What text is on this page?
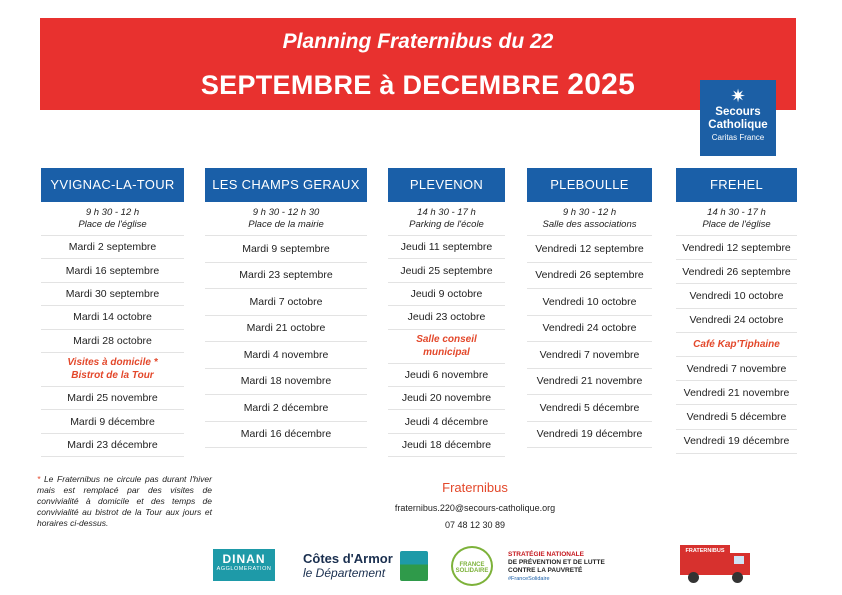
Planning Fraternibus du 22
SEPTEMBRE à DECEMBRE 2025	✷
Secours
Catholique
Caritas France
YVIGNAC-LA-TOUR
9 h 30 - 12 h
Place de l'église
Mardi 2 septembre
Mardi 16 septembre
Mardi 30 septembre
Mardi 14 octobre
Mardi 28 octobre
Visites à domicile *
Bistrot de la Tour
Mardi 25 novembre
Mardi 9 décembre
Mardi 23 décembre
LES CHAMPS GERAUX
9 h 30 - 12 h 30
Place de la mairie
Mardi 9 septembre
Mardi 23 septembre
Mardi 7 octobre
Mardi 21 octobre
Mardi 4 novembre
Mardi 18 novembre
Mardi 2 décembre
Mardi 16 décembre
PLEVENON
14 h 30 - 17 h
Parking de l'école
Jeudi 11 septembre
Jeudi 25 septembre
Jeudi 9 octobre
Jeudi 23 octobre
Salle conseil
municipal
Jeudi 6 novembre
Jeudi 20 novembre
Jeudi 4 décembre
Jeudi 18 décembre
PLEBOULLE
9 h 30 - 12 h
Salle des associations
Vendredi 12 septembre
Vendredi 26 septembre
Vendredi 10 octobre
Vendredi 24 octobre
Vendredi 7 novembre
Vendredi 21 novembre
Vendredi 5 décembre
Vendredi 19 décembre
FREHEL
14 h 30 - 17 h
Place de l'église
Vendredi 12 septembre
Vendredi 26 septembre
Vendredi 10 octobre
Vendredi 24 octobre
Café Kap'Tiphaine
Vendredi 7 novembre
Vendredi 21 novembre
Vendredi 5 décembre
Vendredi 19 décembre
* Le Fraternibus ne circule pas durant l'hiver mais est remplacé par des visites de convivialité à domicile et des temps de convivialité au bistrot de la Tour aux jours et horaires ci-dessus.
Fraternibus
fraternibus.220@secours-catholique.org
07 48 12 30 89
DINAN
AGGLOMERATION
Côtes d'Armor
le Département
FRANCE SOLIDAIRE
STRATÉGIE NATIONALE
DE PRÉVENTION ET DE LUTTE
CONTRE LA PAUVRETÉ
#FranceSolidaire
FRATERNIBUS
